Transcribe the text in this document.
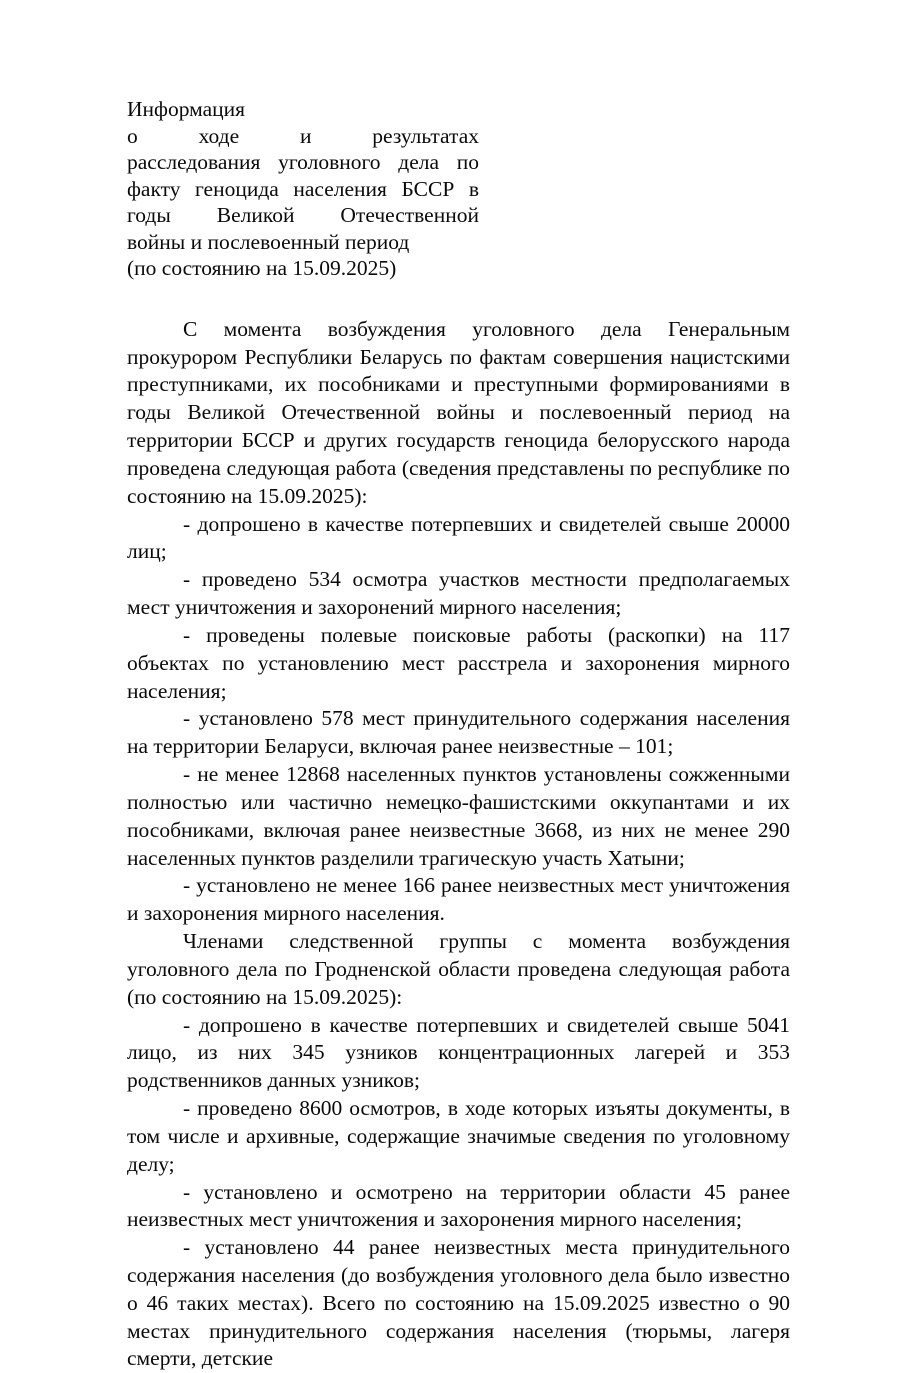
Информация
о ходе и результатах
расследования уголовного дела по
факту геноцида населения БССР в
годы Великой Отечественной
войны и послевоенный период
(по состоянию на 15.09.2025)

С момента возбуждения уголовного дела Генеральным прокурором Республики Беларусь по фактам совершения нацистскими преступниками, их пособниками и преступными формированиями в годы Великой Отечественной войны и послевоенный период на территории БССР и других государств геноцида белорусского народа проведена следующая работа (сведения представлены по республике по состоянию на 15.09.2025):

- допрошено в качестве потерпевших и свидетелей свыше 20000 лиц;

- проведено 534 осмотра участков местности предполагаемых мест уничтожения и захоронений мирного населения;

- проведены полевые поисковые работы (раскопки) на 117 объектах по установлению мест расстрела и захоронения мирного населения;

- установлено 578 мест принудительного содержания населения на территории Беларуси, включая ранее неизвестные – 101;

- не менее 12868 населенных пунктов установлены сожженными полностью или частично немецко-фашистскими оккупантами и их пособниками, включая ранее неизвестные 3668, из них не менее 290 населенных пунктов разделили трагическую участь Хатыни;

- установлено не менее 166 ранее неизвестных мест уничтожения и захоронения мирного населения.

Членами следственной группы с момента возбуждения уголовного дела по Гродненской области проведена следующая работа (по состоянию на 15.09.2025):

- допрошено в качестве потерпевших и свидетелей свыше 5041 лицо, из них 345 узников концентрационных лагерей и 353 родственников данных узников;

- проведено 8600 осмотров, в ходе которых изъяты документы, в том числе и архивные, содержащие значимые сведения по уголовному делу;

- установлено и осмотрено на территории области 45 ранее неизвестных мест уничтожения и захоронения мирного населения;

- установлено 44 ранее неизвестных места принудительного содержания населения (до возбуждения уголовного дела было известно о 46 таких местах). Всего по состоянию на 15.09.2025 известно о 90 местах принудительного содержания населения (тюрьмы, лагеря смерти, детские
